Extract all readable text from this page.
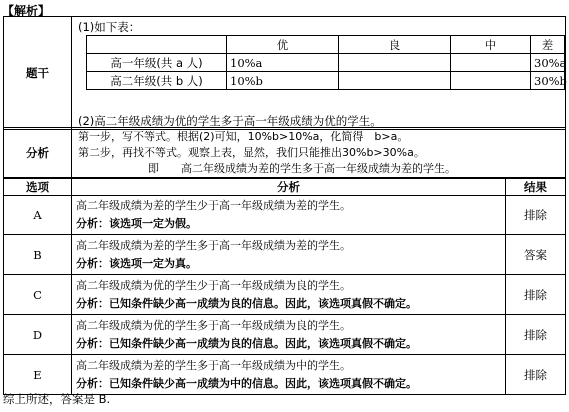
【解析】
题干	
(1)如下表：
	优	良	中	差
高一年级(共 a 人)	10%a			30%a
高二年级(共 b 人)	10%b			30%b
(2)高二年级成绩为优的学生多于高一年级成绩为优的学生。
分析	
第一步，写不等式。根据(2)可知，10%b>10%a，化简得　b>a。
第二步，再找不等式。观察上表，显然，我们只能推出30%b>30%a。
即　　高二年级成绩为差的学生多于高一年级成绩为差的学生。
选项	分析	结果
A	高二年级成绩为差的学生少于高一年级成绩为差的学生。
分析：该选项一定为假。	排除
B	高二年级成绩为差的学生多于高一年级成绩为差的学生。
分析：该选项一定为真。	答案
C	高二年级成绩为优的学生少于高一年级成绩为良的学生。
分析：已知条件缺少高一成绩为良的信息。因此，该选项真假不确定。	排除
D	高二年级成绩为优的学生多于高一年级成绩为良的学生。
分析：已知条件缺少高一成绩为良的信息。因此，该选项真假不确定。	排除
E	高二年级成绩为差的学生多于高一年级成绩为中的学生。
分析：已知条件缺少高一成绩为中的信息。因此，该选项真假不确定。	排除
综上所述，答案是 B.
